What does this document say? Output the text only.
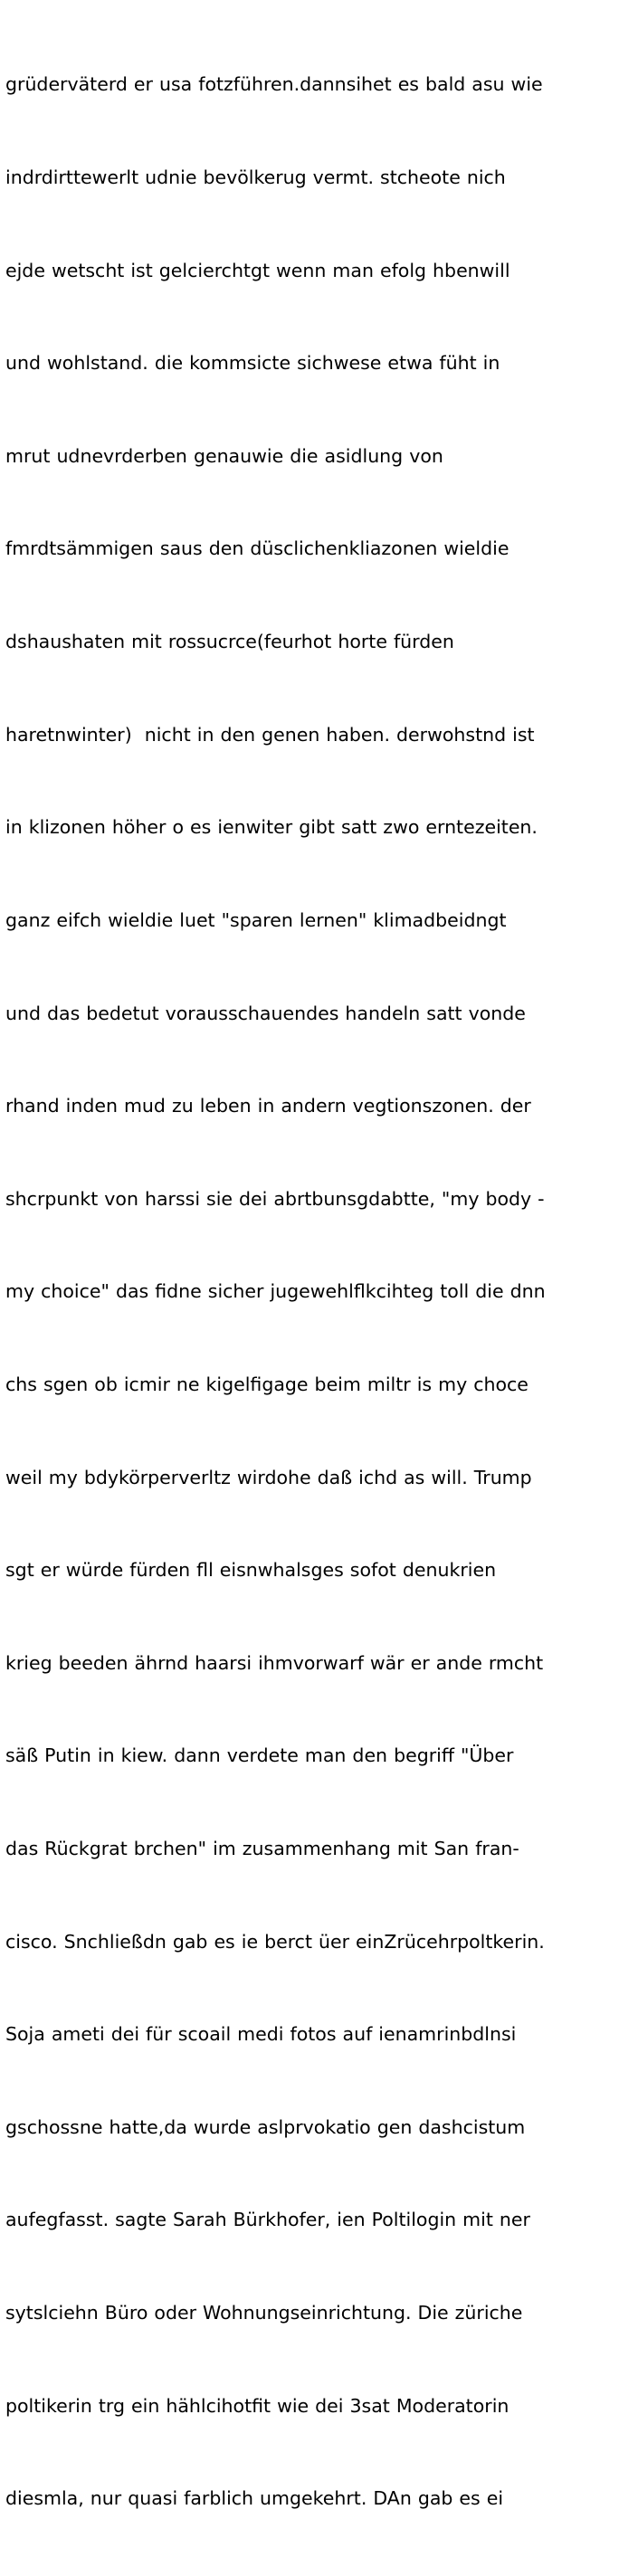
grüderväterd er usa fotzführen.dannsihet es bald asu wie

indrdirttewerlt udnie bevölkerug vermt. stcheote nich

ejde wetscht ist gelcierchtgt wenn man efolg hbenwill

und wohlstand. die kommsicte sichwese etwa füht in

mrut udnevrderben genauwie die asidlung von

fmrdtsämmigen saus den düsclichenkliazonen wieldie

dshaushaten mit rossucrce(feurhot horte fürden

haretnwinter)  nicht in den genen haben. derwohstnd ist

in klizonen höher o es ienwiter gibt satt zwo erntezeiten.

ganz eifch wieldie luet "sparen lernen" klimadbeidngt

und das bedetut vorausschauendes handeln satt vonde

rhand inden mud zu leben in andern vegtionszonen. der

shcrpunkt von harssi sie dei abrtbunsgdabtte, "my body -

my choice" das fidne sicher jugewehlflkcihteg toll die dnn

chs sgen ob icmir ne kigelfigage beim miltr is my choce

weil my bdykörperverltz wirdohe daß ichd as will. Trump

sgt er würde fürden fll eisnwhalsges sofot denukrien

krieg beeden ährnd haarsi ihmvorwarf wär er ande rmcht

säß Putin in kiew. dann verdete man den begriff "Über

das Rückgrat brchen" im zusammenhang mit San fran-

cisco. Snchließdn gab es ie berct üer einZrücehrpoltkerin.

Soja ameti dei für scoail medi fotos auf ienamrinbdlnsi

gschossne hatte,da wurde aslprvokatio gen dashcistum

aufegfasst. sagte Sarah Bürkhofer, ien Poltilogin mit ner

sytslciehn Büro oder Wohnungseinrichtung. Die züriche

poltikerin trg ein hählcihotfit wie dei 3sat Moderatorin

diesmla, nur quasi farblich umgekehrt. DAn gab es ei
